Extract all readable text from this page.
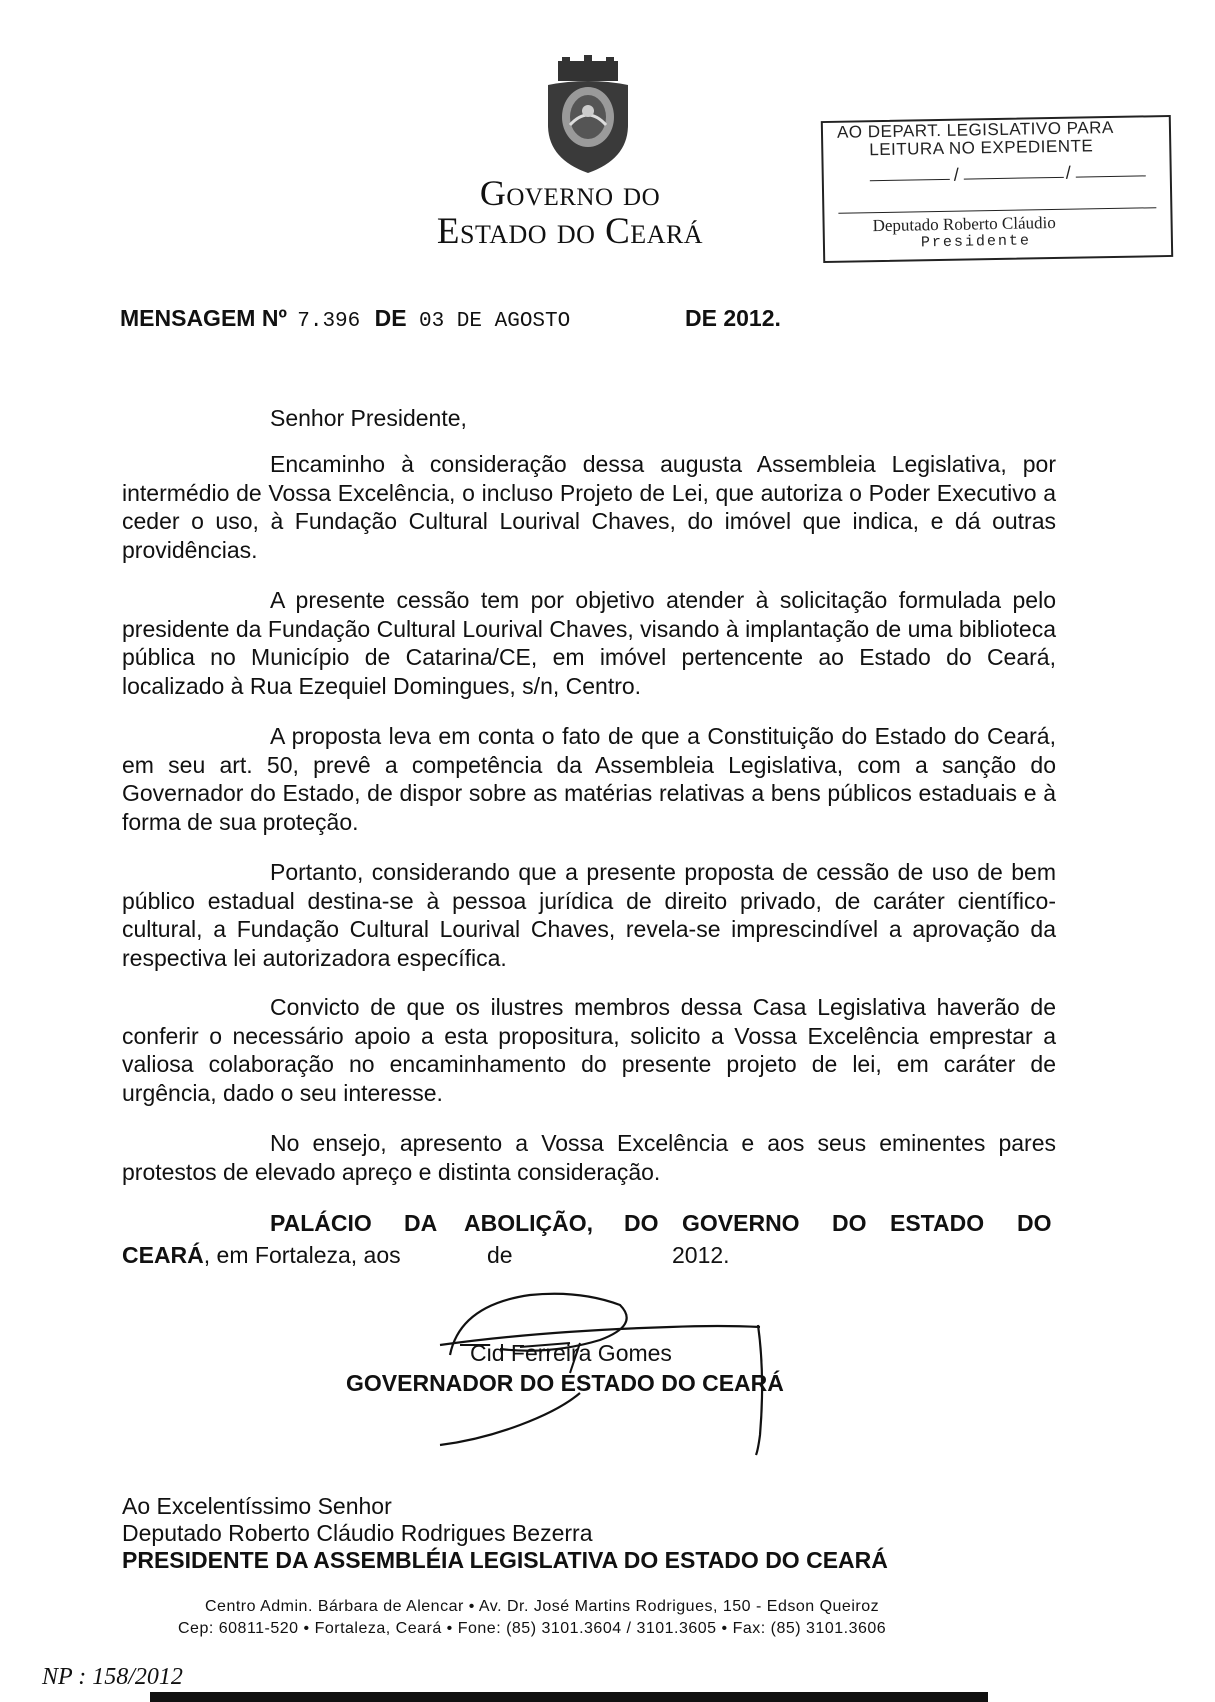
Governo do
Estado do Ceará
AO DEPART. LEGISLATIVO PARA
LEITURA NO EXPEDIENTE
/	/
Deputado Roberto Cláudio
Presidente
MENSAGEM Nº 7.396 DE 03 DE AGOSTO	DE 2012.
Senhor Presidente,
Encaminho à consideração dessa augusta Assembleia Legislativa, por intermédio de Vossa Excelência, o incluso Projeto de Lei, que autoriza o Poder Executivo a ceder o uso, à Fundação Cultural Lourival Chaves, do imóvel que indica, e dá outras providências.
A presente cessão tem por objetivo atender à solicitação formulada pelo presidente da Fundação Cultural Lourival Chaves, visando à implantação de uma biblioteca pública no Município de Catarina/CE, em imóvel pertencente ao Estado do Ceará, localizado à Rua Ezequiel Domingues, s/n, Centro.
A proposta leva em conta o fato de que a Constituição do Estado do Ceará, em seu art. 50, prevê a competência da Assembleia Legislativa, com a sanção do Governador do Estado, de dispor sobre as matérias relativas a bens públicos estaduais e à forma de sua proteção.
Portanto, considerando que a presente proposta de cessão de uso de bem público estadual destina-se à pessoa jurídica de direito privado, de caráter científico-cultural, a Fundação Cultural Lourival Chaves, revela-se imprescindível a aprovação da respectiva lei autorizadora específica.
Convicto de que os ilustres membros dessa Casa Legislativa haverão de conferir o necessário apoio a esta propositura, solicito a Vossa Excelência emprestar a valiosa colaboração no encaminhamento do presente projeto de lei, em caráter de urgência, dado o seu interesse.
No ensejo, apresento a Vossa Excelência e aos seus eminentes pares protestos de elevado apreço e distinta consideração.
PALÁCIO DA ABOLIÇÃO, DO GOVERNO DO ESTADO DO
CEARÁ, em Fortaleza, aos	de	2012.
Cid Ferreira Gomes
GOVERNADOR DO ESTADO DO CEARÁ
Ao Excelentíssimo Senhor
Deputado Roberto Cláudio Rodrigues Bezerra
PRESIDENTE DA ASSEMBLÉIA LEGISLATIVA DO ESTADO DO CEARÁ
Centro Admin. Bárbara de Alencar • Av. Dr. José Martins Rodrigues, 150 - Edson Queiroz
Cep: 60811-520 • Fortaleza, Ceará • Fone: (85) 3101.3604 / 3101.3605 • Fax: (85) 3101.3606
NP : 158/2012
